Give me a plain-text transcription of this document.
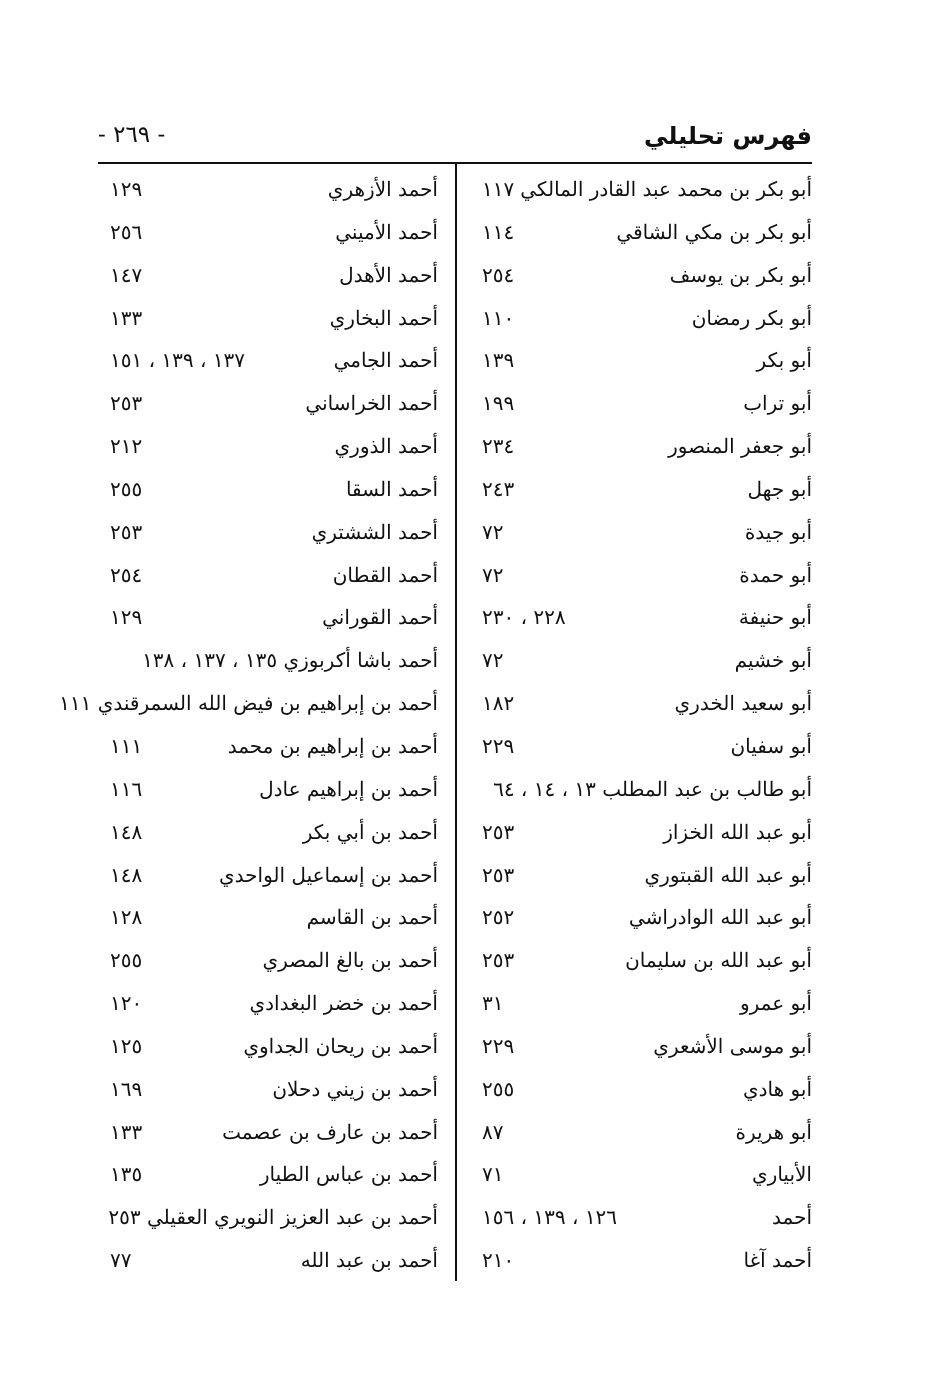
فهرس تحليلي
- ٢٦٩ -
أبو بكر بن محمد عبد القادر المالكي
١١٧
أبو بكر بن مكي الشاقي
١١٤
أبو بكر بن يوسف
٢٥٤
أبو بكر رمضان
١١٠
أبو بكر
١٣٩
أبو تراب
١٩٩
أبو جعفر المنصور
٢٣٤
أبو جهل
٢٤٣
أبو جيدة
٧٢
أبو حمدة
٧٢
أبو حنيفة
٢٢٨ ، ٢٣٠
أبو خشيم
٧٢
أبو سعيد الخدري
١٨٢
أبو سفيان
٢٢٩
أبو طالب بن عبد المطلب ١٣ ، ١٤ ، ٦٤
أبو عبد الله الخزاز
٢٥٣
أبو عبد الله القبتوري
٢٥٣
أبو عبد الله الوادراشي
٢٥٢
أبو عبد الله بن سليمان
٢٥٣
أبو عمرو
٣١
أبو موسى الأشعري
٢٢٩
أبو هادي
٢٥٥
أبو هريرة
٨٧
الأبياري
٧١
أحمد
١٢٦ ، ١٣٩ ، ١٥٦
أحمد آغا
٢١٠
أحمد الأزهري
١٢٩
أحمد الأميني
٢٥٦
أحمد الأهدل
١٤٧
أحمد البخاري
١٣٣
أحمد الجامي
١٣٧ ، ١٣٩ ، ١٥١
أحمد الخراساني
٢٥٣
أحمد الذوري
٢١٢
أحمد السقا
٢٥٥
أحمد الششتري
٢٥٣
أحمد القطان
٢٥٤
أحمد القوراني
١٢٩
أحمد باشا أكربوزي ١٣٥ ، ١٣٧ ، ١٣٨
أحمد بن إبراهيم بن فيض الله السمرقندي ١١١
أحمد بن إبراهيم بن محمد
١١١
أحمد بن إبراهيم عادل
١١٦
أحمد بن أبي بكر
١٤٨
أحمد بن إسماعيل الواحدي
١٤٨
أحمد بن القاسم
١٢٨
أحمد بن بالغ المصري
٢٥٥
أحمد بن خضر البغدادي
١٢٠
أحمد بن ريحان الجداوي
١٢٥
أحمد بن زيني دحلان
١٦٩
أحمد بن عارف بن عصمت
١٣٣
أحمد بن عباس الطيار
١٣٥
أحمد بن عبد العزيز النويري العقيلي ٢٥٣
أحمد بن عبد الله
٧٧
